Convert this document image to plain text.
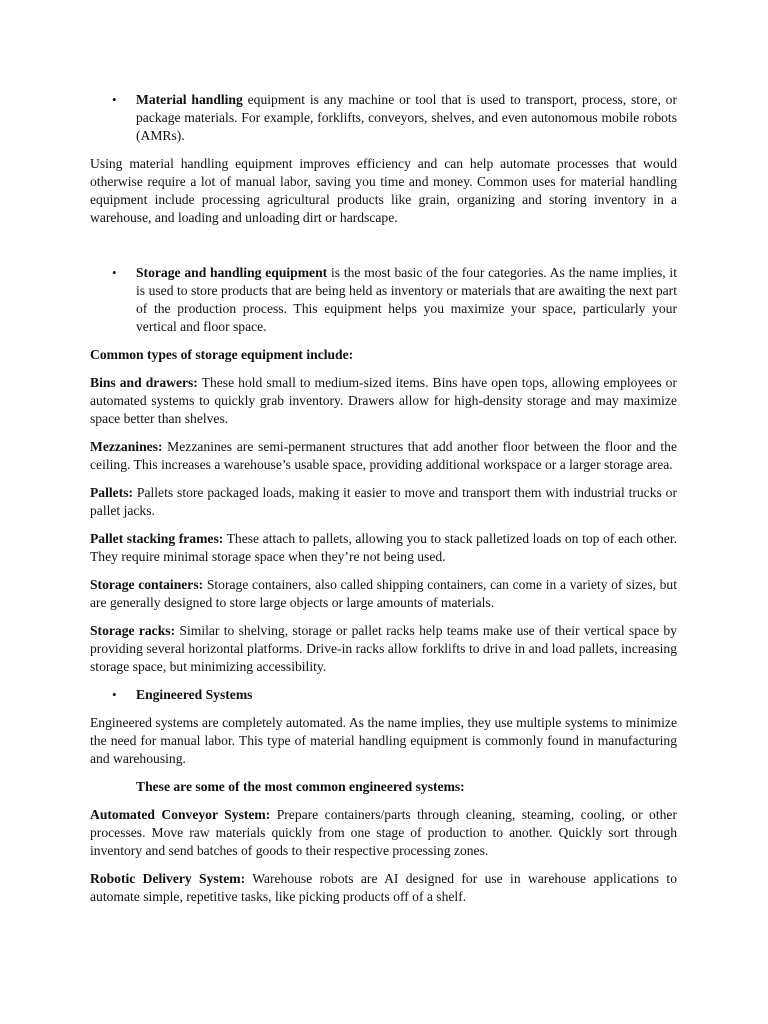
• Material handling equipment is any machine or tool that is used to transport, process, store, or package materials. For example, forklifts, conveyors, shelves, and even autonomous mobile robots (AMRs).

Using material handling equipment improves efficiency and can help automate processes that would otherwise require a lot of manual labor, saving you time and money. Common uses for material handling equipment include processing agricultural products like grain, organizing and storing inventory in a warehouse, and loading and unloading dirt or hardscape.

• Storage and handling equipment is the most basic of the four categories. As the name implies, it is used to store products that are being held as inventory or materials that are awaiting the next part of the production process. This equipment helps you maximize your space, particularly your vertical and floor space.

Common types of storage equipment include:

Bins and drawers: These hold small to medium-sized items. Bins have open tops, allowing employees or automated systems to quickly grab inventory. Drawers allow for high-density storage and may maximize space better than shelves.

Mezzanines: Mezzanines are semi-permanent structures that add another floor between the floor and the ceiling. This increases a warehouse’s usable space, providing additional workspace or a larger storage area.

Pallets: Pallets store packaged loads, making it easier to move and transport them with industrial trucks or pallet jacks.

Pallet stacking frames: These attach to pallets, allowing you to stack palletized loads on top of each other. They require minimal storage space when they’re not being used.

Storage containers: Storage containers, also called shipping containers, can come in a variety of sizes, but are generally designed to store large objects or large amounts of materials.

Storage racks: Similar to shelving, storage or pallet racks help teams make use of their vertical space by providing several horizontal platforms. Drive-in racks allow forklifts to drive in and load pallets, increasing storage space, but minimizing accessibility.

• Engineered Systems

Engineered systems are completely automated. As the name implies, they use multiple systems to minimize the need for manual labor. This type of material handling equipment is commonly found in manufacturing and warehousing.

These are some of the most common engineered systems:

Automated Conveyor System: Prepare containers/parts through cleaning, steaming, cooling, or other processes. Move raw materials quickly from one stage of production to another. Quickly sort through inventory and send batches of goods to their respective processing zones.

Robotic Delivery System: Warehouse robots are AI designed for use in warehouse applications to automate simple, repetitive tasks, like picking products off of a shelf.
